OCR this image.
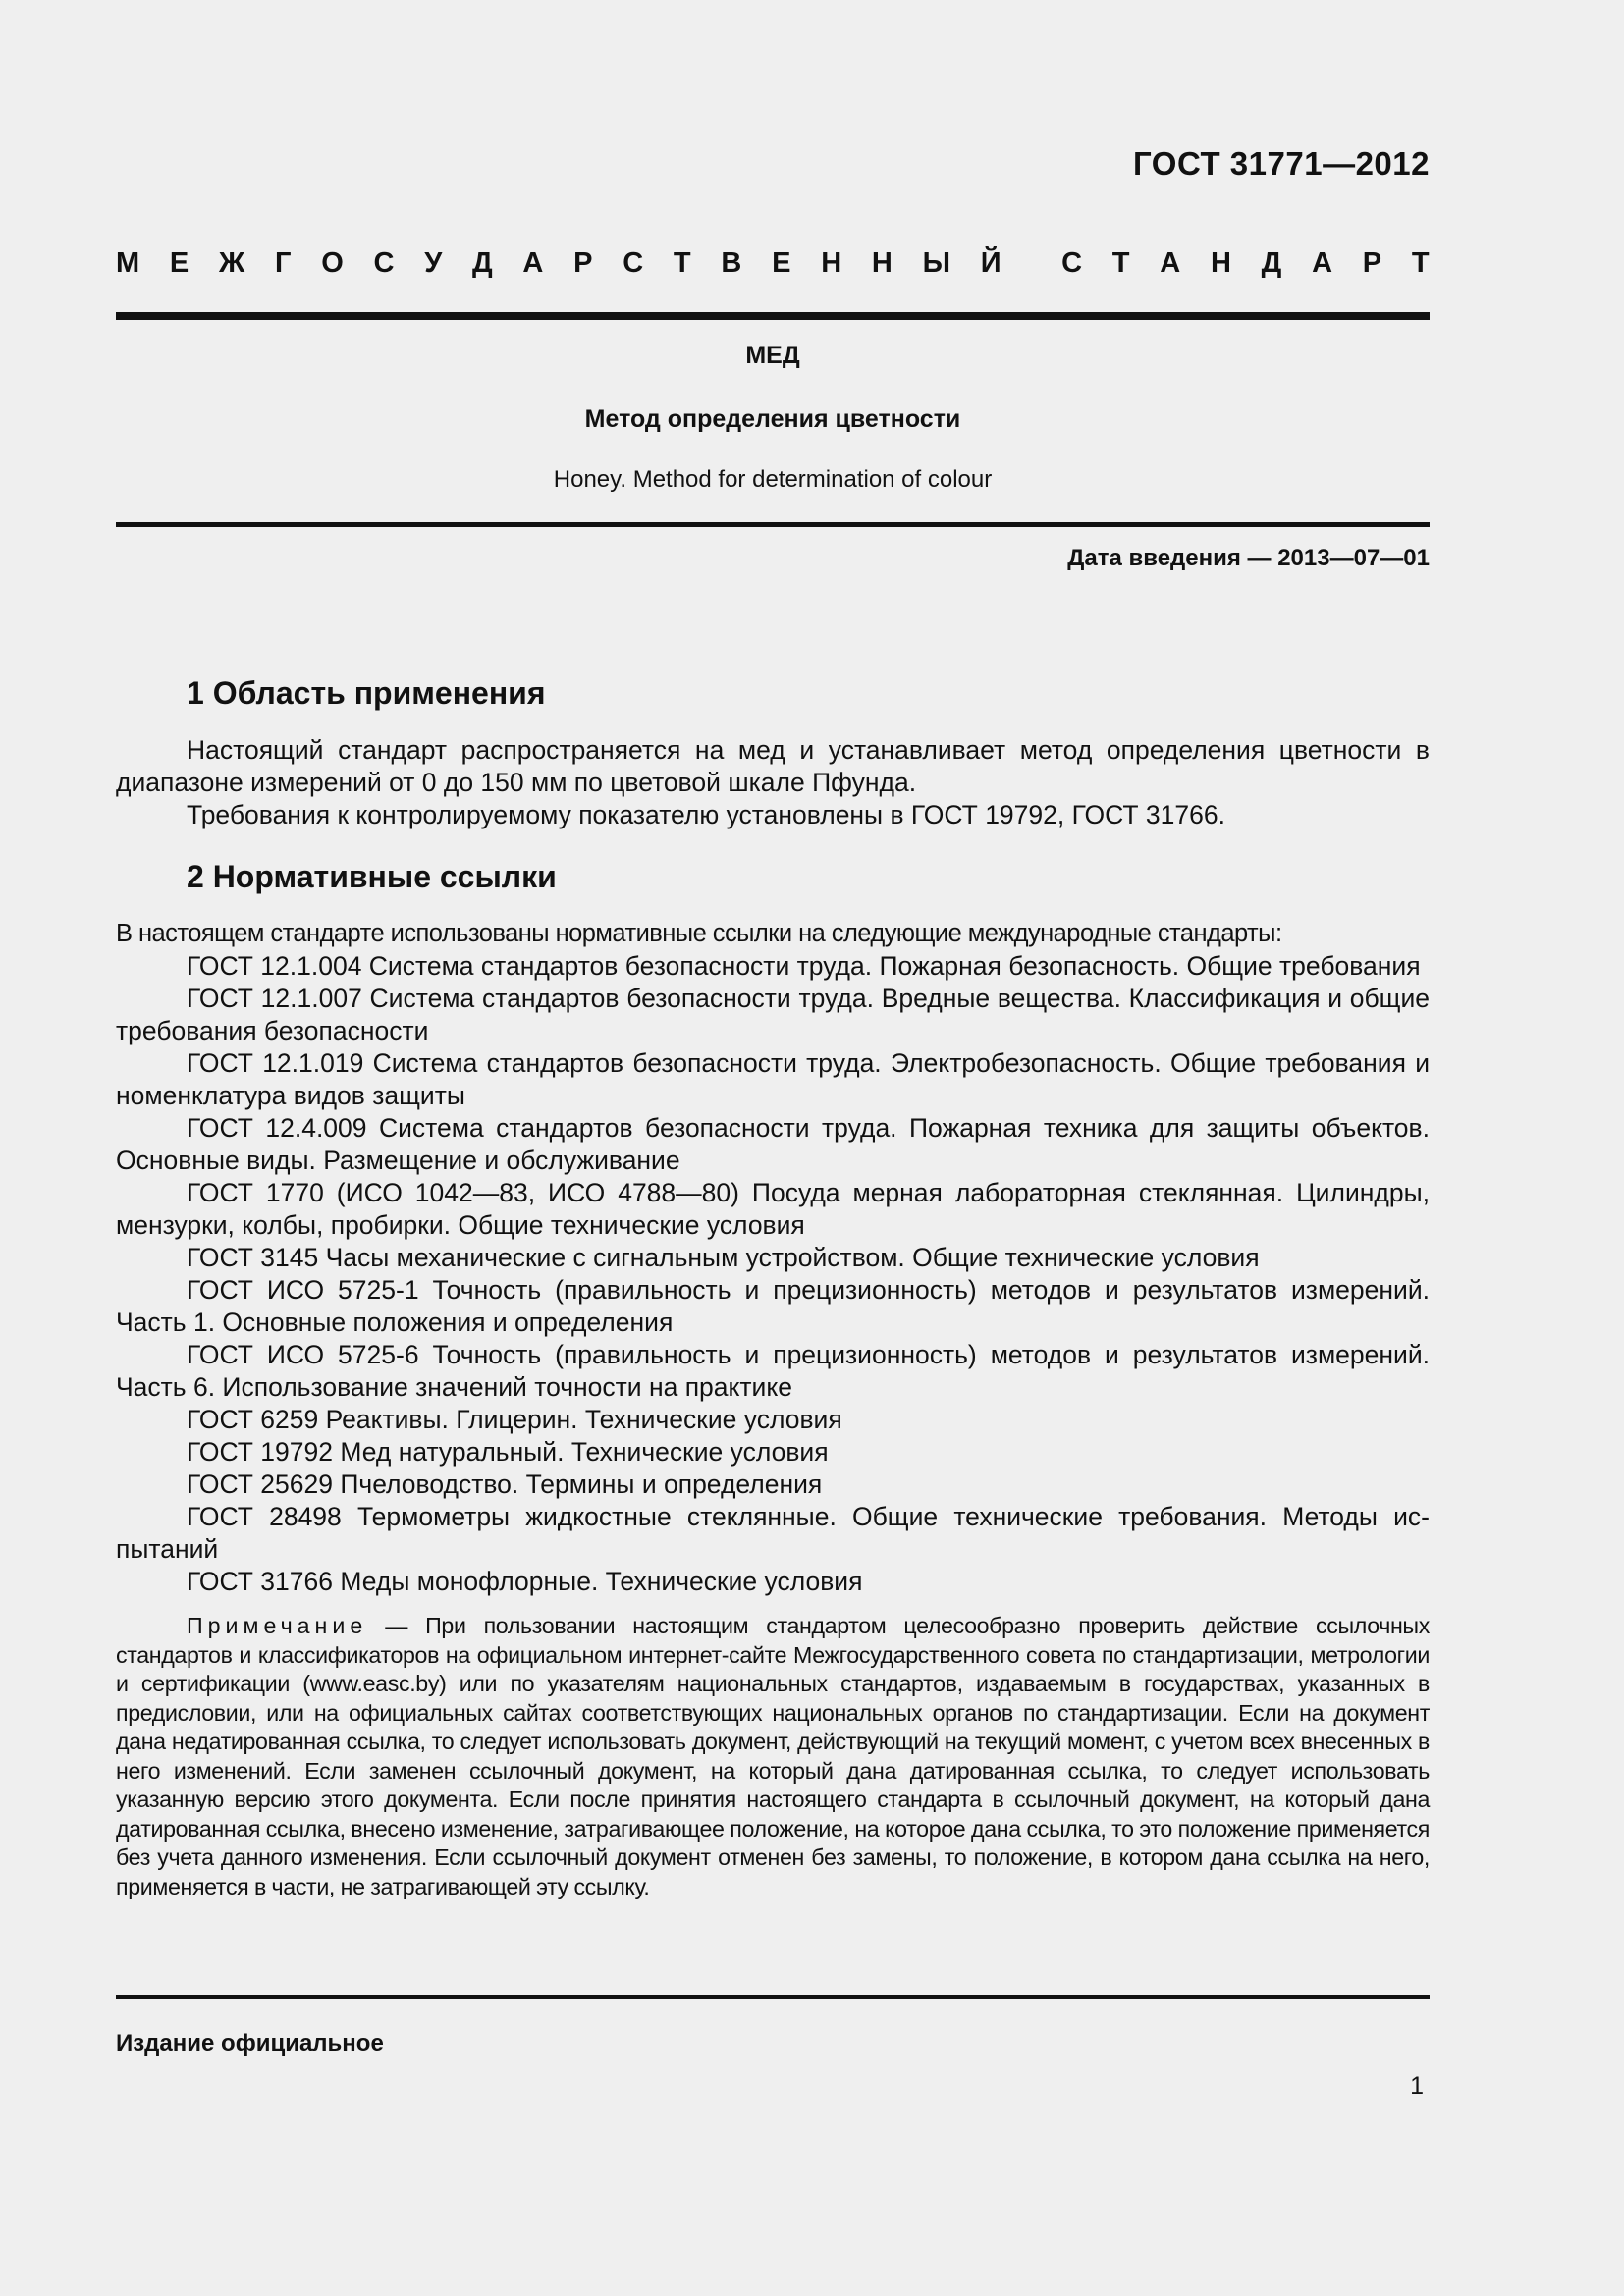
ГОСТ 31771—2012
М Е Ж Г О С У Д А Р С Т В Е Н Н Ы Й С Т А Н Д А Р Т
МЕД
Метод определения цветности
Honey. Method for determination of colour
Дата введения — 2013—07—01
1 Область применения

Настоящий стандарт распространяется на мед и устанавливает метод определения цветности в диапазоне измерений от 0 до 150 мм по цветовой шкале Пфунда.

Требования к контролируемому показателю установлены в ГОСТ 19792, ГОСТ 31766.

2 Нормативные ссылки

В настоящем стандарте использованы нормативные ссылки на следующие международные стандарты:

ГОСТ 12.1.004 Система стандартов безопасности труда. Пожарная безопасность. Общие требования

ГОСТ 12.1.007 Система стандартов безопасности труда. Вредные вещества. Классификация и общие требования безопасности

ГОСТ 12.1.019 Система стандартов безопасности труда. Электробезопасность. Общие требования и номенклатура видов защиты

ГОСТ 12.4.009 Система стандартов безопасности труда. Пожарная техника для защиты объектов. Основные виды. Размещение и обслуживание

ГОСТ 1770 (ИСО 1042—83, ИСО 4788—80) Посуда мерная лабораторная стеклянная. Цилиндры, мензурки, колбы, пробирки. Общие технические условия

ГОСТ 3145 Часы механические с сигнальным устройством. Общие технические условия

ГОСТ ИСО 5725-1 Точность (правильность и прецизионность) методов и результатов измерений. Часть 1. Основные положения и определения

ГОСТ ИСО 5725-6 Точность (правильность и прецизионность) методов и результатов измерений. Часть 6. Использование значений точности на практике

ГОСТ 6259 Реактивы. Глицерин. Технические условия

ГОСТ 19792 Мед натуральный. Технические условия

ГОСТ 25629 Пчеловодство. Термины и определения

ГОСТ 28498 Термометры жидкостные стеклянные. Общие технические требования. Методы испытаний

ГОСТ 31766 Меды монофлорные. Технические условия

Примечание — При пользовании настоящим стандартом целесообразно проверить действие ссылочных стандартов и классификаторов на официальном интернет-сайте Межгосударственного совета по стандартизации, метрологии и сертификации (www.easc.by) или по указателям национальных стандартов, издаваемым в государствах, указанных в предисловии, или на официальных сайтах соответствующих национальных органов по стандартизации. Если на документ дана недатированная ссылка, то следует использовать документ, действующий на текущий момент, с учетом всех внесенных в него изменений. Если заменен ссылочный документ, на который дана датированная ссылка, то следует использовать указанную версию этого документа. Если после принятия настоящего стандарта в ссылочный документ, на который дана датированная ссылка, внесено изменение, затрагивающее положение, на которое дана ссылка, то это положение применяется без учета данного изменения. Если ссылочный документ отменен без замены, то положение, в котором дана ссылка на него, применяется в части, не затрагивающей эту ссылку.
Издание официальное
1
